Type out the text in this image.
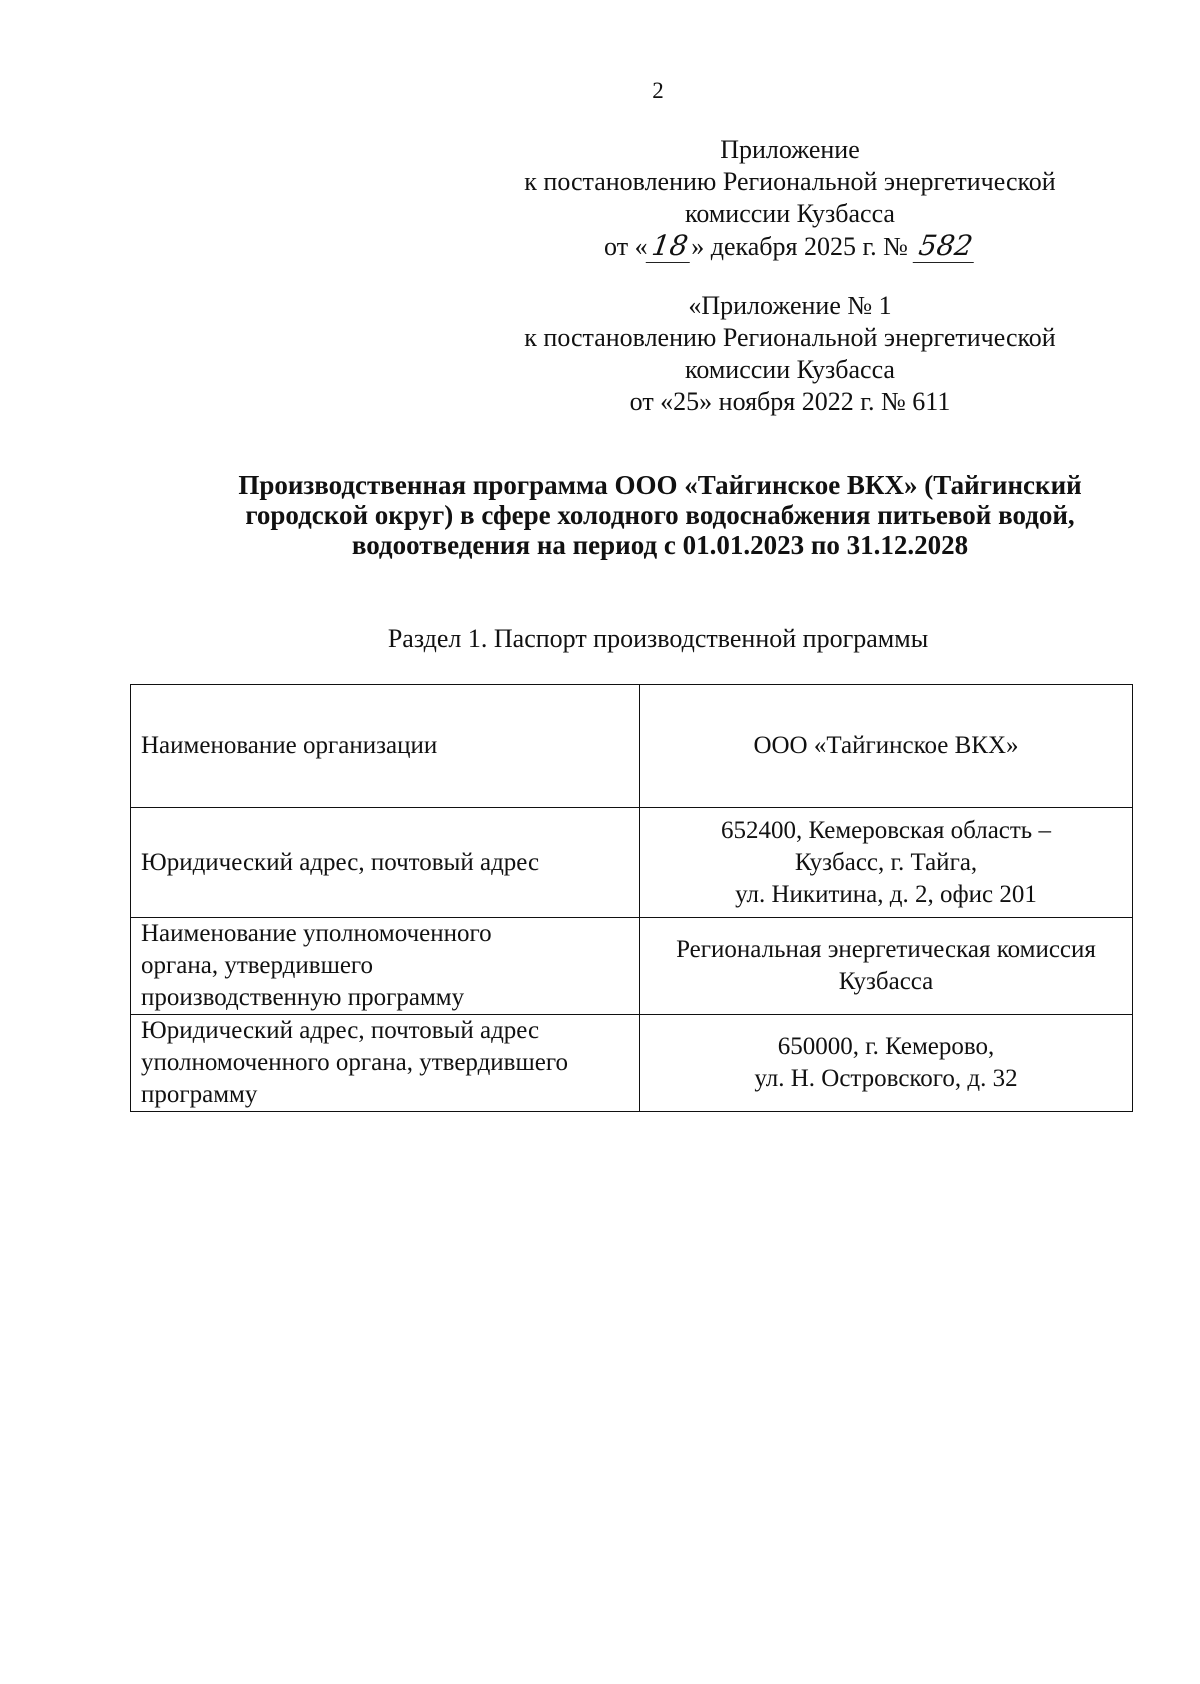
2
Приложение
к постановлению Региональной энергетической
комиссии Кузбасса
от «18» декабря 2025 г. № 582
«Приложение № 1
к постановлению Региональной энергетической
комиссии Кузбасса
от «25» ноября 2022 г. № 611
Производственная программа ООО «Тайгинское ВКХ» (Тайгинский
городской округ) в сфере холодного водоснабжения питьевой водой,
водоотведения на период с 01.01.2023 по 31.12.2028
Раздел 1. Паспорт производственной программы
Наименование организации	ООО «Тайгинское ВКХ»

Юридический адрес, почтовый адрес	652400, Кемеровская область –
Кузбасс, г. Тайга,
ул. Никитина, д. 2, офис 201

Наименование уполномоченного
органа, утвердившего
производственную программу	Региональная энергетическая комиссия
Кузбасса

Юридический адрес, почтовый адрес
уполномоченного органа, утвердившего
программу	650000, г. Кемерово,
ул. Н. Островского, д. 32
